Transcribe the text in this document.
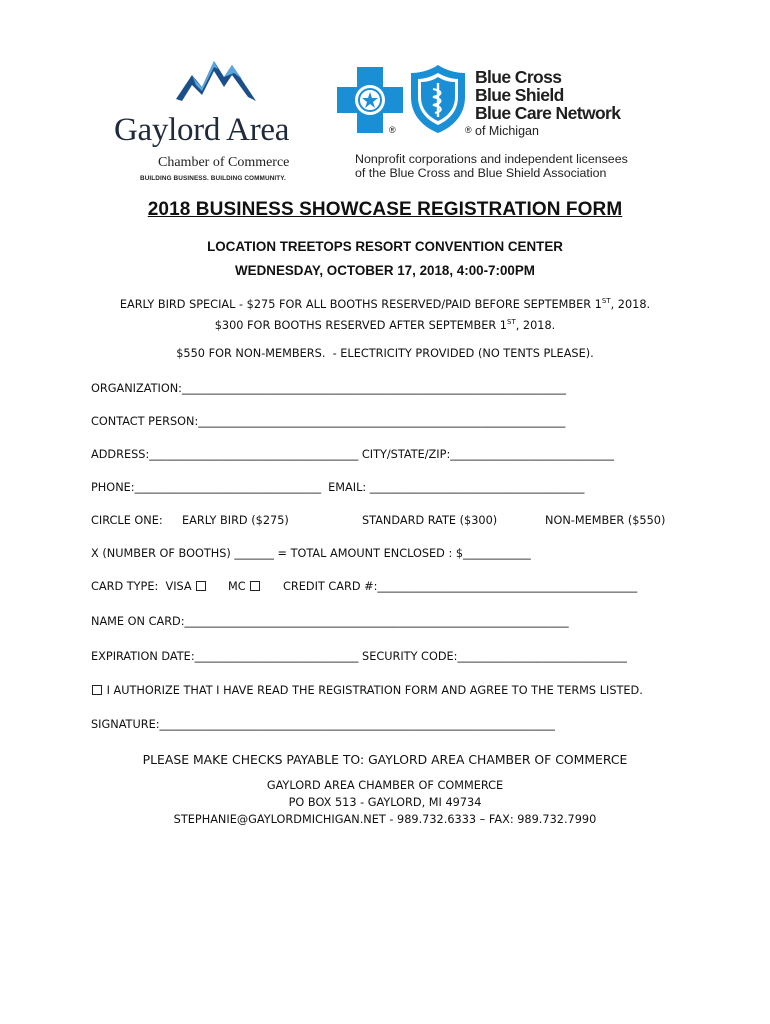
Gaylord Area
Chamber of Commerce
BUILDING BUSINESS. BUILDING COMMUNITY.
®	®
Blue Cross
Blue Shield
Blue Care Network
of Michigan
Nonprofit corporations and independent licensees
of the Blue Cross and Blue Shield Association
2018 BUSINESS SHOWCASE REGISTRATION FORM
LOCATION TREETOPS RESORT CONVENTION CENTER
WEDNESDAY, OCTOBER 17, 2018, 4:00-7:00PM
EARLY BIRD SPECIAL - $275 FOR ALL BOOTHS RESERVED/PAID BEFORE SEPTEMBER 1ST, 2018.
$300 FOR BOOTHS RESERVED AFTER SEPTEMBER 1ST, 2018.
$550 FOR NON-MEMBERS.  - ELECTRICITY PROVIDED (NO TENTS PLEASE).
ORGANIZATION:____________________________________________________________________
CONTACT PERSON:_________________________________________________________________
ADDRESS:_____________________________________ CITY/STATE/ZIP:_____________________________
PHONE:_________________________________  EMAIL: ______________________________________
CIRCLE ONE: EARLY BIRD ($275)	STANDARD RATE ($300)	NON-MEMBER ($550)
X (NUMBER OF BOOTHS) _______ = TOTAL AMOUNT ENCLOSED : $____________
CARD TYPE:  VISA	MC	CREDIT CARD #:______________________________________________
NAME ON CARD:____________________________________________________________________
EXPIRATION DATE:_____________________________ SECURITY CODE:______________________________
I AUTHORIZE THAT I HAVE READ THE REGISTRATION FORM AND AGREE TO THE TERMS LISTED.
SIGNATURE:______________________________________________________________________
PLEASE MAKE CHECKS PAYABLE TO: GAYLORD AREA CHAMBER OF COMMERCE
GAYLORD AREA CHAMBER OF COMMERCE
PO BOX 513 - GAYLORD, MI 49734
STEPHANIE@GAYLORDMICHIGAN.NET - 989.732.6333 – FAX: 989.732.7990
